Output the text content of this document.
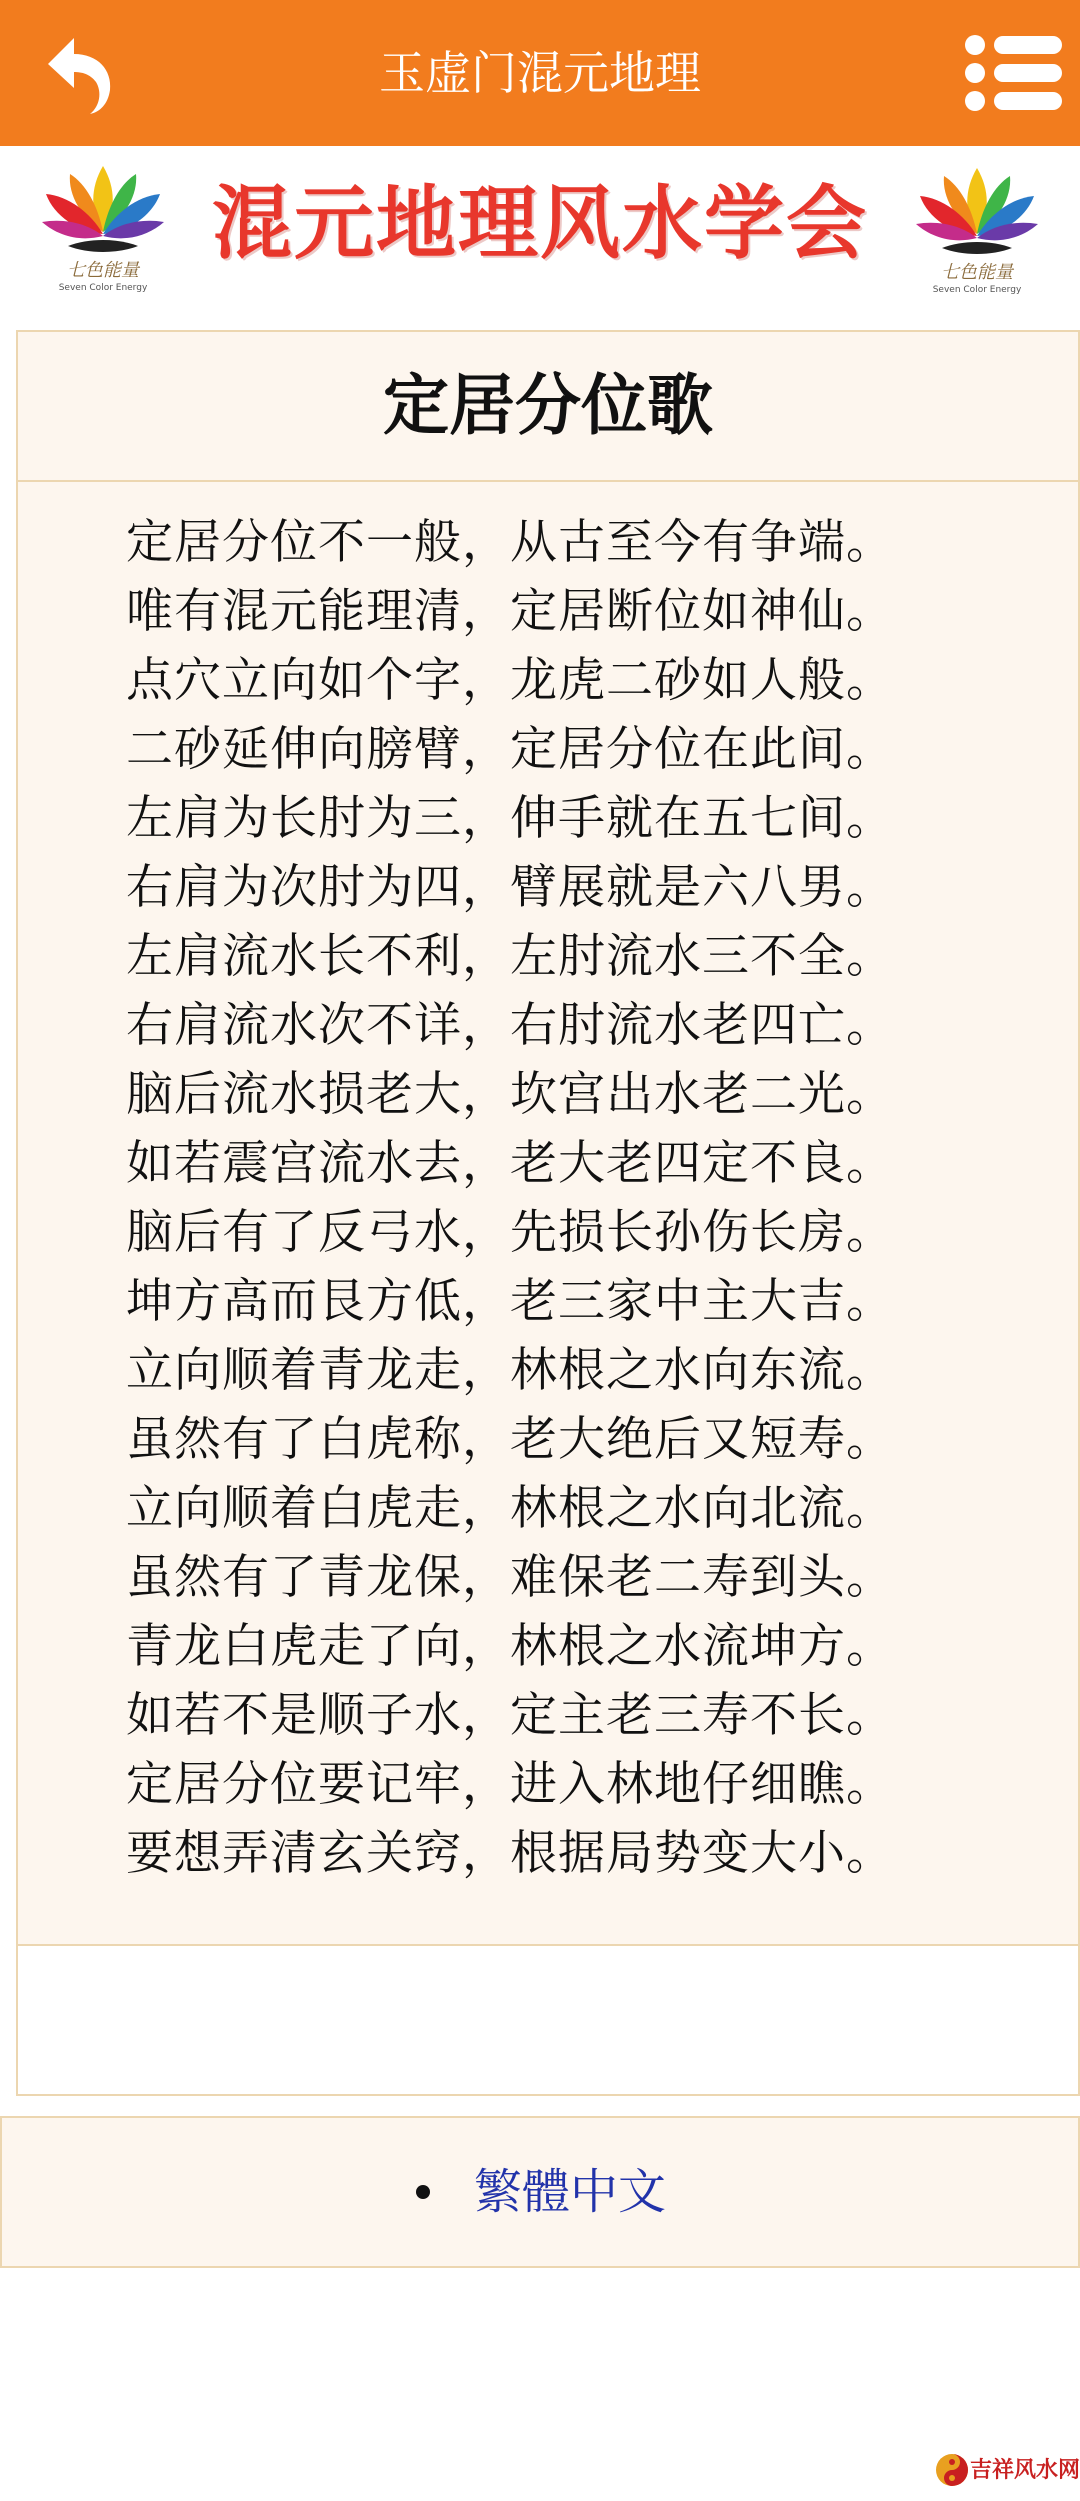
玉虚门混元地理
七色能量
Seven Color Energy
混元地理风水学会
七色能量
Seven Color Energy
定居分位歌
定居分位不一般，从古至今有争端。
唯有混元能理清，定居断位如神仙。
点穴立向如个字，龙虎二砂如人般。
二砂延伸向膀臂，定居分位在此间。
左肩为长肘为三，伸手就在五七间。
右肩为次肘为四，臂展就是六八男。
左肩流水长不利，左肘流水三不全。
右肩流水次不详，右肘流水老四亡。
脑后流水损老大，坎宫出水老二光。
如若震宫流水去，老大老四定不良。
脑后有了反弓水，先损长孙伤长房。
坤方高而艮方低，老三家中主大吉。
立向顺着青龙走，林根之水向东流。
虽然有了白虎称，老大绝后又短寿。
立向顺着白虎走，林根之水向北流。
虽然有了青龙保，难保老二寿到头。
青龙白虎走了向，林根之水流坤方。
如若不是顺子水，定主老三寿不长。
定居分位要记牢，进入林地仔细瞧。
要想弄清玄关窍，根据局势变大小。
繁體中文
吉祥风水网
